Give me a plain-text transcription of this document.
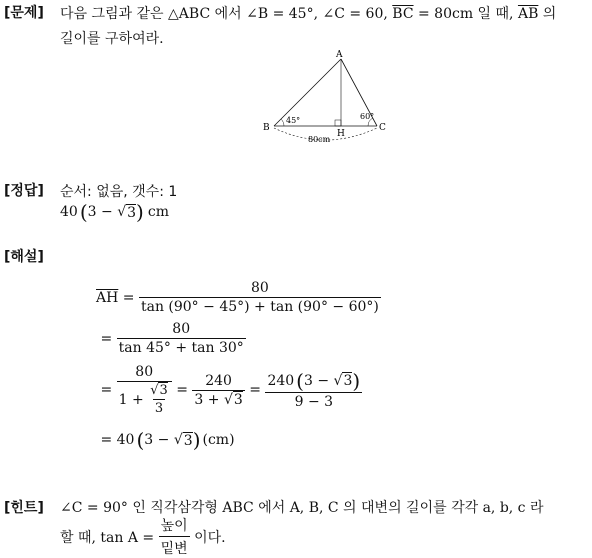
[문제] 다음 그림과 같은 △ABC 에서 ∠B = 45°, ∠C = 60, $\overline{BC} = 80cm$ 일 때, $\overline{AB}$ 의
길이를 구하여라.
A
B	C
H
45°	60°
80cm
[정답] 순서: 없음, 갯수: 1
40 ( 3 − √ 3 ) cm
[해설]
$\overline{AH} = \frac{80}{\tan (90^\circ - 45^\circ) + \tan (90^\circ - 60^\circ)}$
= $\frac{80}{\tan 45^\circ + \tan 30^\circ}$
= $\frac{80}{1 + \frac{√3}{3}} = \frac{240}{3 + √3} = \frac{240 ( 3 - √ 3 )}{9 - 3}$
= 40 ( 3 − √ 3 ) (cm)
[힌트] ∠C = 90° 인 직각삼각형 ABC 에서 A, B, C 의 대변의 길이를 각각 a, b, c 라
할 때, $\tan A = \frac{\text{높이}}{\text{밑변}}$ 이다.
